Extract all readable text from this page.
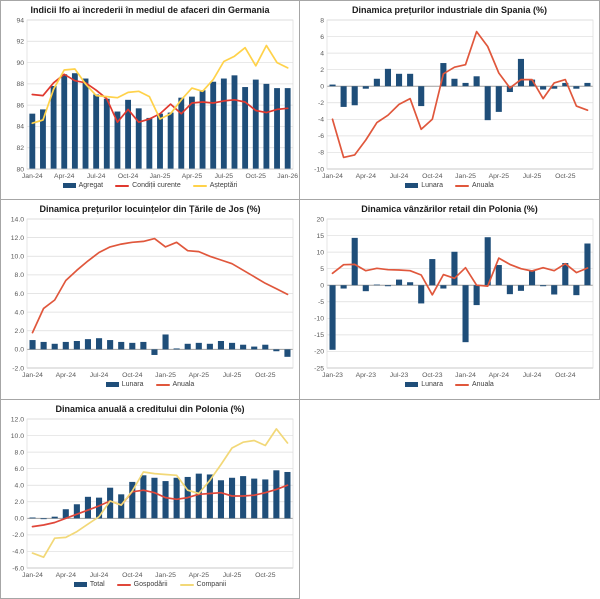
Indicii Ifo ai încrederii în mediul de afaceri din Germania
80
82
84
86
88
90
92
94
Jan-24 Apr-24 Jul-24 Oct-24 Jan-25 Apr-25 Jul-25 Oct-25 Jan-26
Agregat	Condiții curente	Așteptări
Dinamica prețurilor industriale din Spania (%)
-10
-8
-6
-4
-2
0
2
4
6
8
Jan-24 Apr-24 Jul-24 Oct-24 Jan-25 Apr-25 Jul-25 Oct-25
Lunara	Anuala
Dinamica prețurilor locuințelor din Țările de Jos (%)
-2.0
0.0
2.0
4.0
6.0
8.0
10.0
12.0
14.0
Jan-24 Apr-24 Jul-24 Oct-24 Jan-25 Apr-25 Jul-25 Oct-25
Lunara	Anuala
Dinamica vânzărilor retail din Polonia (%)
-25
-20
-15
-10
-5
0
5
10
15
20
Jan-23 Apr-23 Jul-23 Oct-23 Jan-24 Apr-24 Jul-24 Oct-24
Lunara	Anuala
Dinamica anuală a creditului din Polonia (%)
-6.0
-4.0
-2.0
0.0
2.0
4.0
6.0
8.0
10.0
12.0
Jan-24 Apr-24 Jul-24 Oct-24 Jan-25 Apr-25 Jul-25 Oct-25
Total	Gospodării	Companii
